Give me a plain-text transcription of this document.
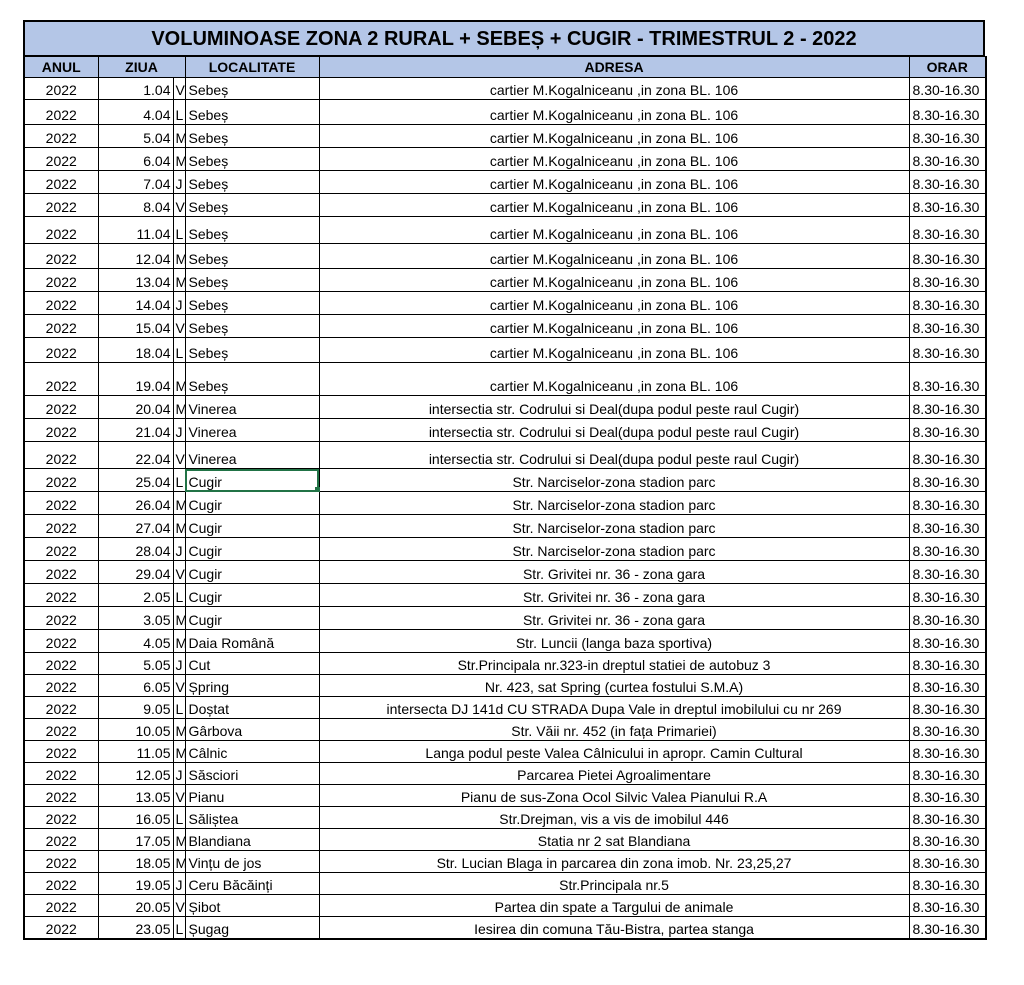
VOLUMINOASE ZONA 2 RURAL + SEBEȘ + CUGIR - TRIMESTRUL 2 - 2022
ANUL	ZIUA		LOCALITATE	ADRESA	ORAR
2022	1.04	V	Sebeș	cartier M.Kogalniceanu ,in zona BL. 106	8.30-16.30
2022	4.04	L	Sebeș	cartier M.Kogalniceanu ,in zona BL. 106	8.30-16.30
2022	5.04	M	Sebeș	cartier M.Kogalniceanu ,in zona BL. 106	8.30-16.30
2022	6.04	M	Sebeș	cartier M.Kogalniceanu ,in zona BL. 106	8.30-16.30
2022	7.04	J	Sebeș	cartier M.Kogalniceanu ,in zona BL. 106	8.30-16.30
2022	8.04	V	Sebeș	cartier M.Kogalniceanu ,in zona BL. 106	8.30-16.30
2022	11.04	L	Sebeș	cartier M.Kogalniceanu ,in zona BL. 106	8.30-16.30
2022	12.04	M	Sebeș	cartier M.Kogalniceanu ,in zona BL. 106	8.30-16.30
2022	13.04	M	Sebeș	cartier M.Kogalniceanu ,in zona BL. 106	8.30-16.30
2022	14.04	J	Sebeș	cartier M.Kogalniceanu ,in zona BL. 106	8.30-16.30
2022	15.04	V	Sebeș	cartier M.Kogalniceanu ,in zona BL. 106	8.30-16.30
2022	18.04	L	Sebeș	cartier M.Kogalniceanu ,in zona BL. 106	8.30-16.30
2022	19.04	M	Sebeș	cartier M.Kogalniceanu ,in zona BL. 106	8.30-16.30
2022	20.04	M	Vinerea	intersectia str. Codrului si Deal(dupa podul peste raul Cugir)	8.30-16.30
2022	21.04	J	Vinerea	intersectia str. Codrului si Deal(dupa podul peste raul Cugir)	8.30-16.30
2022	22.04	V	Vinerea	intersectia str. Codrului si Deal(dupa podul peste raul Cugir)	8.30-16.30
2022	25.04	L	Cugir	Str. Narciselor-zona stadion parc	8.30-16.30
2022	26.04	M	Cugir	Str. Narciselor-zona stadion parc	8.30-16.30
2022	27.04	M	Cugir	Str. Narciselor-zona stadion parc	8.30-16.30
2022	28.04	J	Cugir	Str. Narciselor-zona stadion parc	8.30-16.30
2022	29.04	V	Cugir	Str. Grivitei nr. 36 - zona gara	8.30-16.30
2022	2.05	L	Cugir	Str. Grivitei nr. 36 - zona gara	8.30-16.30
2022	3.05	M	Cugir	Str. Grivitei nr. 36 - zona gara	8.30-16.30
2022	4.05	M	Daia Română	Str. Luncii (langa baza sportiva)	8.30-16.30
2022	5.05	J	Cut	Str.Principala nr.323-in dreptul statiei de autobuz 3	8.30-16.30
2022	6.05	V	Șpring	Nr. 423, sat Spring (curtea fostului S.M.A)	8.30-16.30
2022	9.05	L	Doștat	intersecta DJ 141d CU STRADA Dupa Vale in dreptul imobilului cu nr 269	8.30-16.30
2022	10.05	M	Gârbova	Str. Văii nr. 452 (in fața Primariei)	8.30-16.30
2022	11.05	M	Câlnic	Langa podul peste Valea Câlnicului in apropr. Camin Cultural	8.30-16.30
2022	12.05	J	Săsciori	Parcarea Pietei Agroalimentare	8.30-16.30
2022	13.05	V	Pianu	Pianu de sus-Zona Ocol Silvic Valea Pianului R.A	8.30-16.30
2022	16.05	L	Săliștea	Str.Drejman, vis a vis de imobilul 446	8.30-16.30
2022	17.05	M	Blandiana	Statia nr 2 sat Blandiana	8.30-16.30
2022	18.05	M	Vințu de jos	Str. Lucian Blaga in parcarea din zona imob. Nr. 23,25,27	8.30-16.30
2022	19.05	J	Ceru Băcăinți	Str.Principala nr.5	8.30-16.30
2022	20.05	V	Șibot	Partea din spate a Targului de animale	8.30-16.30
2022	23.05	L	Șugag	Iesirea din comuna Tău-Bistra, partea stanga	8.30-16.30
